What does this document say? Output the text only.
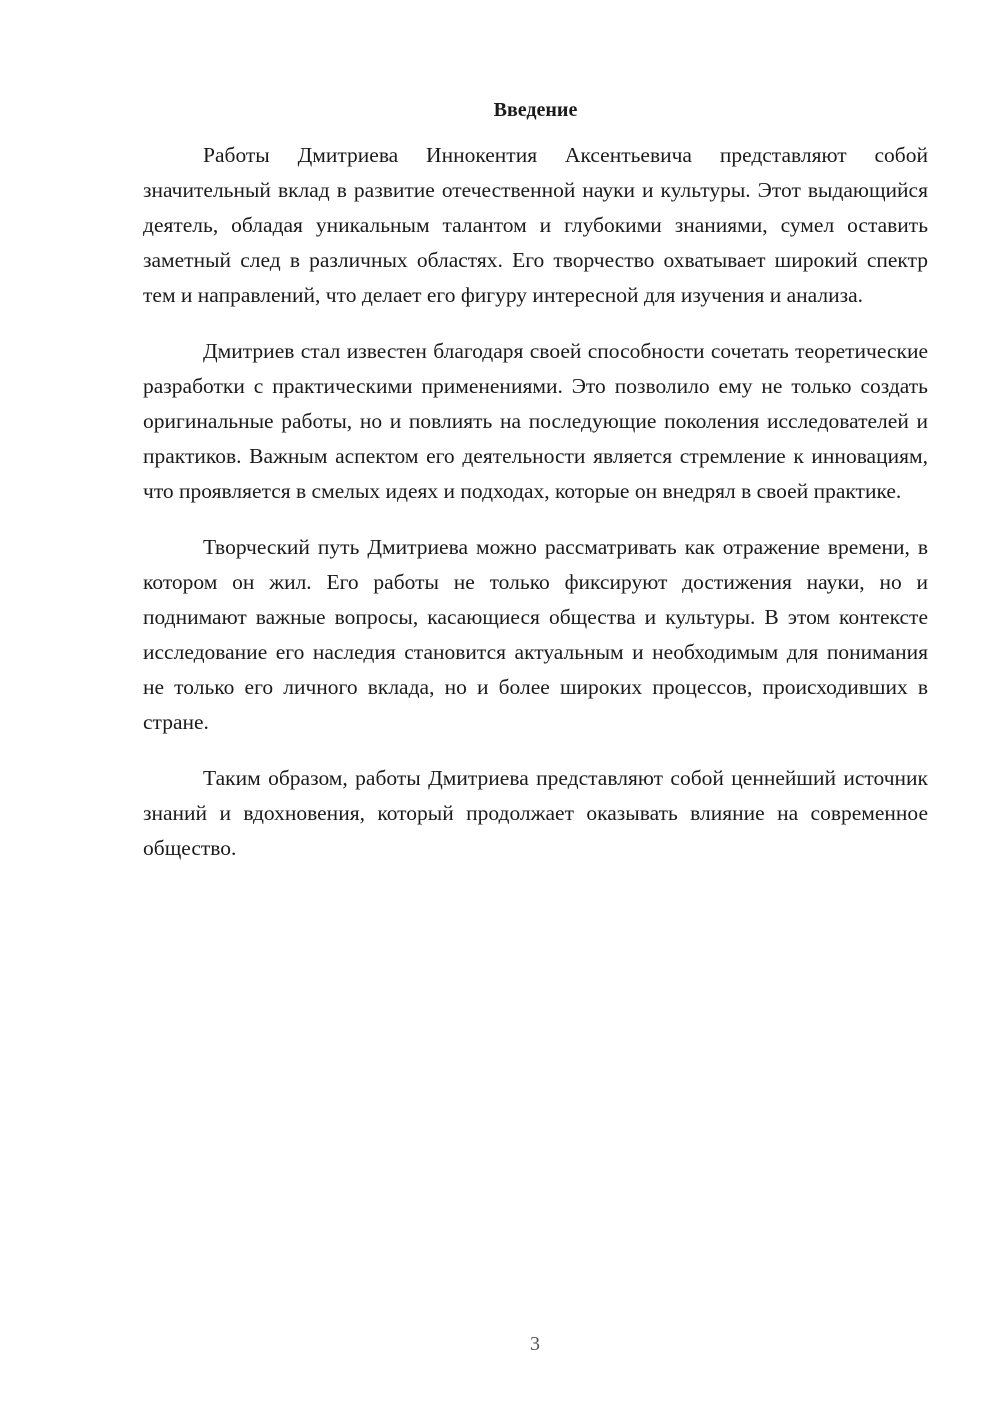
Введение

Работы Дмитриева Иннокентия Аксентьевича представляют собой значительный вклад в развитие отечественной науки и культуры. Этот выдающийся деятель, обладая уникальным талантом и глубокими знаниями, сумел оставить заметный след в различных областях. Его творчество охватывает широкий спектр тем и направлений, что делает его фигуру интересной для изучения и анализа.

Дмитриев стал известен благодаря своей способности сочетать теоретические разработки с практическими применениями. Это позволило ему не только создать оригинальные работы, но и повлиять на последующие поколения исследователей и практиков. Важным аспектом его деятельности является стремление к инновациям, что проявляется в смелых идеях и подходах, которые он внедрял в своей практике.

Творческий путь Дмитриева можно рассматривать как отражение времени, в котором он жил. Его работы не только фиксируют достижения науки, но и поднимают важные вопросы, касающиеся общества и культуры. В этом контексте исследование его наследия становится актуальным и необходимым для понимания не только его личного вклада, но и более широких процессов, происходивших в стране.

Таким образом, работы Дмитриева представляют собой ценнейший источник знаний и вдохновения, который продолжает оказывать влияние на современное общество.

3
